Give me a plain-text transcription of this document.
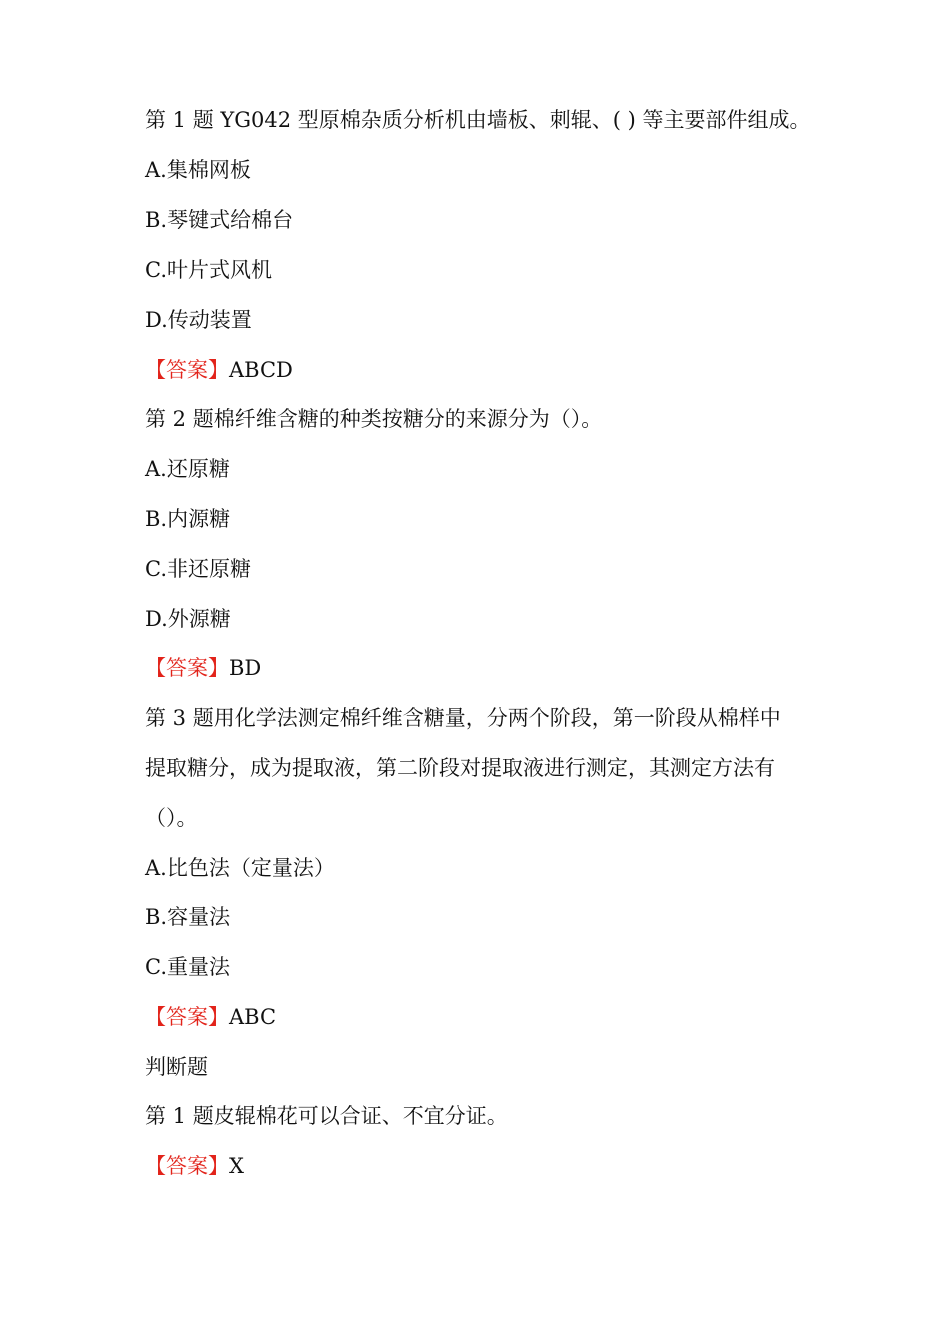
第 1 题 YG042 型原棉杂质分析机由墙板、刺辊、( ) 等主要部件组成。
A.集棉网板
B.琴键式给棉台
C.叶片式风机
D.传动装置
【答案】ABCD
第 2 题棉纤维含糖的种类按糖分的来源分为（）。
A.还原糖
B.内源糖
C.非还原糖
D.外源糖
【答案】BD
第 3 题用化学法测定棉纤维含糖量，分两个阶段，第一阶段从棉样中
提取糖分，成为提取液，第二阶段对提取液进行测定，其测定方法有
（）。
A.比色法（定量法）
B.容量法
C.重量法
【答案】ABC
判断题
第 1 题皮辊棉花可以合证、不宜分证。
【答案】X
